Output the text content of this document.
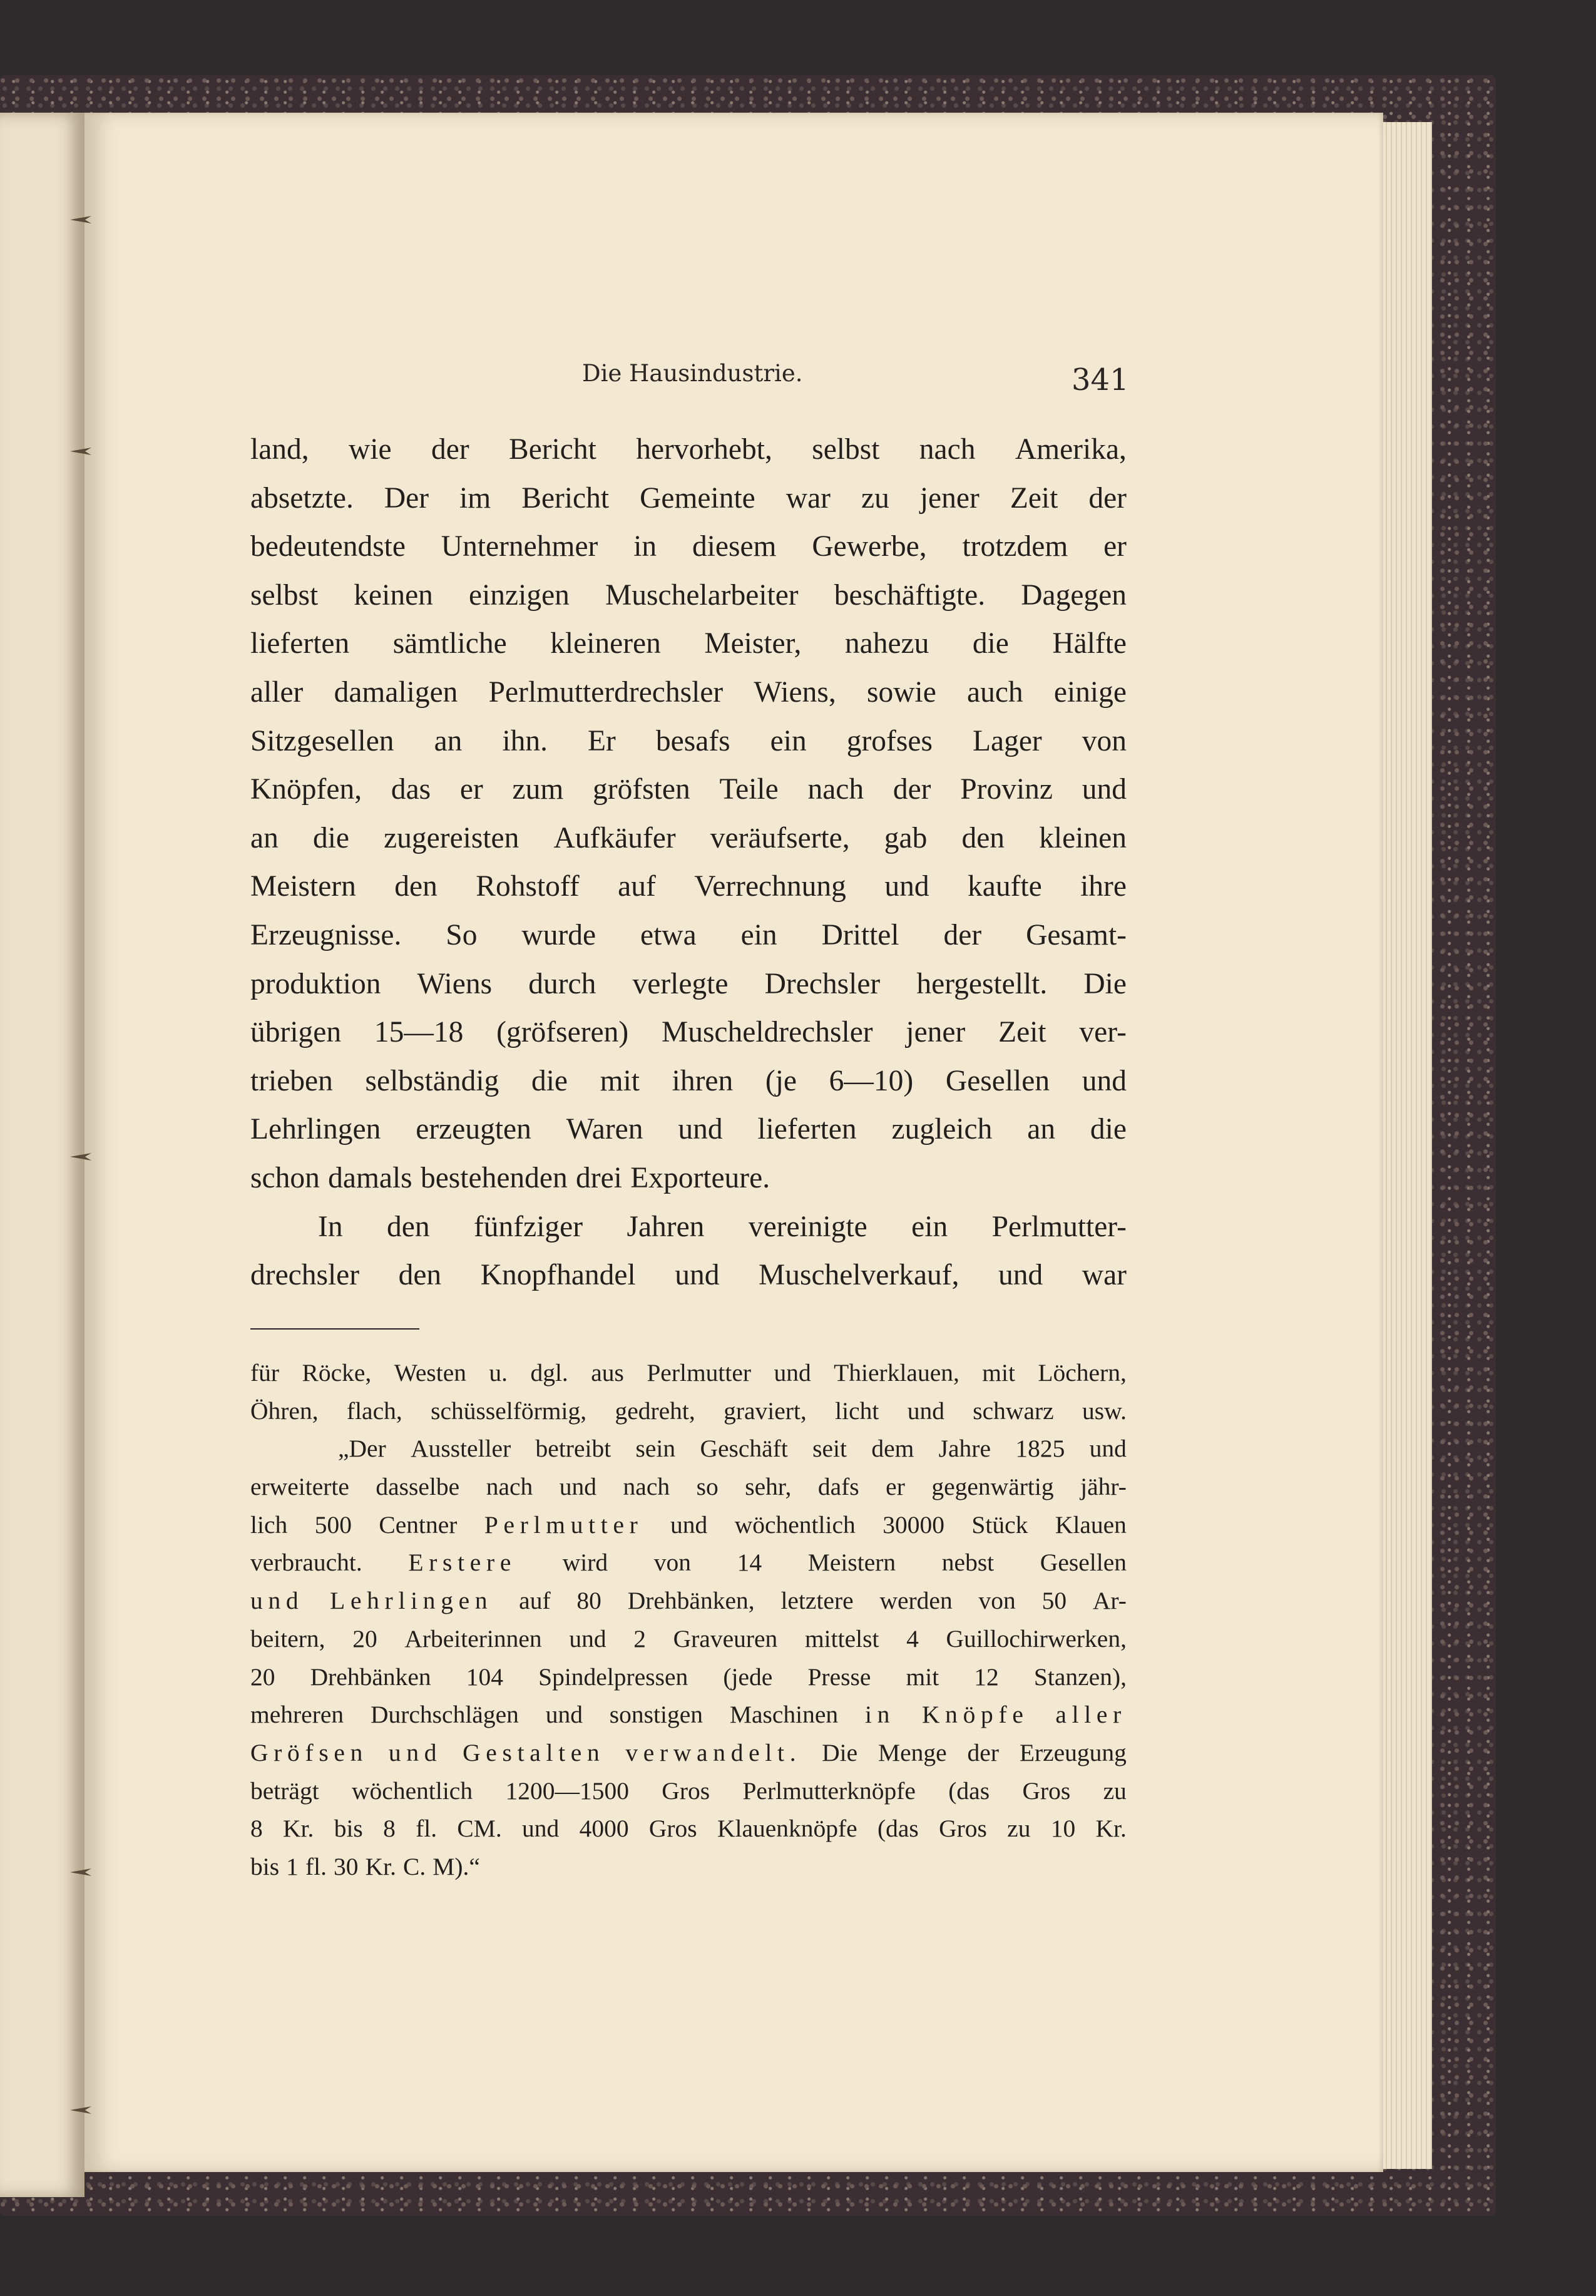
Die Hausindustrie.	341
land, wie der Bericht hervorhebt, selbst nach Amerika,
absetzte. Der im Bericht Gemeinte war zu jener Zeit der
bedeutendste Unternehmer in diesem Gewerbe, trotzdem er
selbst keinen einzigen Muschelarbeiter beschäftigte. Dagegen
lieferten sämtliche kleineren Meister, nahezu die Hälfte
aller damaligen Perlmutterdrechsler Wiens, sowie auch einige
Sitzgesellen an ihn. Er besafs ein grofses Lager von
Knöpfen, das er zum gröfsten Teile nach der Provinz und
an die zugereisten Aufkäufer veräufserte, gab den kleinen
Meistern den Rohstoff auf Verrechnung und kaufte ihre
Erzeugnisse. So wurde etwa ein Drittel der Gesamt-
produktion Wiens durch verlegte Drechsler hergestellt. Die
übrigen 15—18 (gröfseren) Muscheldrechsler jener Zeit ver-
trieben selbständig die mit ihren (je 6—10) Gesellen und
Lehrlingen erzeugten Waren und lieferten zugleich an die
schon damals bestehenden drei Exporteure.
In den fünfziger Jahren vereinigte ein Perlmutter-
drechsler den Knopfhandel und Muschelverkauf, und war
für Röcke, Westen u. dgl. aus Perlmutter und Thierklauen, mit Löchern,
Öhren, flach, schüsselförmig, gedreht, graviert, licht und schwarz usw.
„Der Aussteller betreibt sein Geschäft seit dem Jahre 1825 und
erweiterte dasselbe nach und nach so sehr, dafs er gegenwärtig jähr-
lich 500 Centner Perlmutter und wöchentlich 30000 Stück Klauen
verbraucht. Erstere wird von 14 Meistern nebst Gesellen
und Lehrlingen auf 80 Drehbänken, letztere werden von 50 Ar-
beitern, 20 Arbeiterinnen und 2 Graveuren mittelst 4 Guillochirwerken,
20 Drehbänken 104 Spindelpressen (jede Presse mit 12 Stanzen),
mehreren Durchschlägen und sonstigen Maschinen in Knöpfe aller
Gröfsen und Gestalten verwandelt. Die Menge der Erzeugung
beträgt wöchentlich 1200—1500 Gros Perlmutterknöpfe (das Gros zu
8 Kr. bis 8 fl. CM. und 4000 Gros Klauenknöpfe (das Gros zu 10 Kr.
bis 1 fl. 30 Kr. C. M).“
